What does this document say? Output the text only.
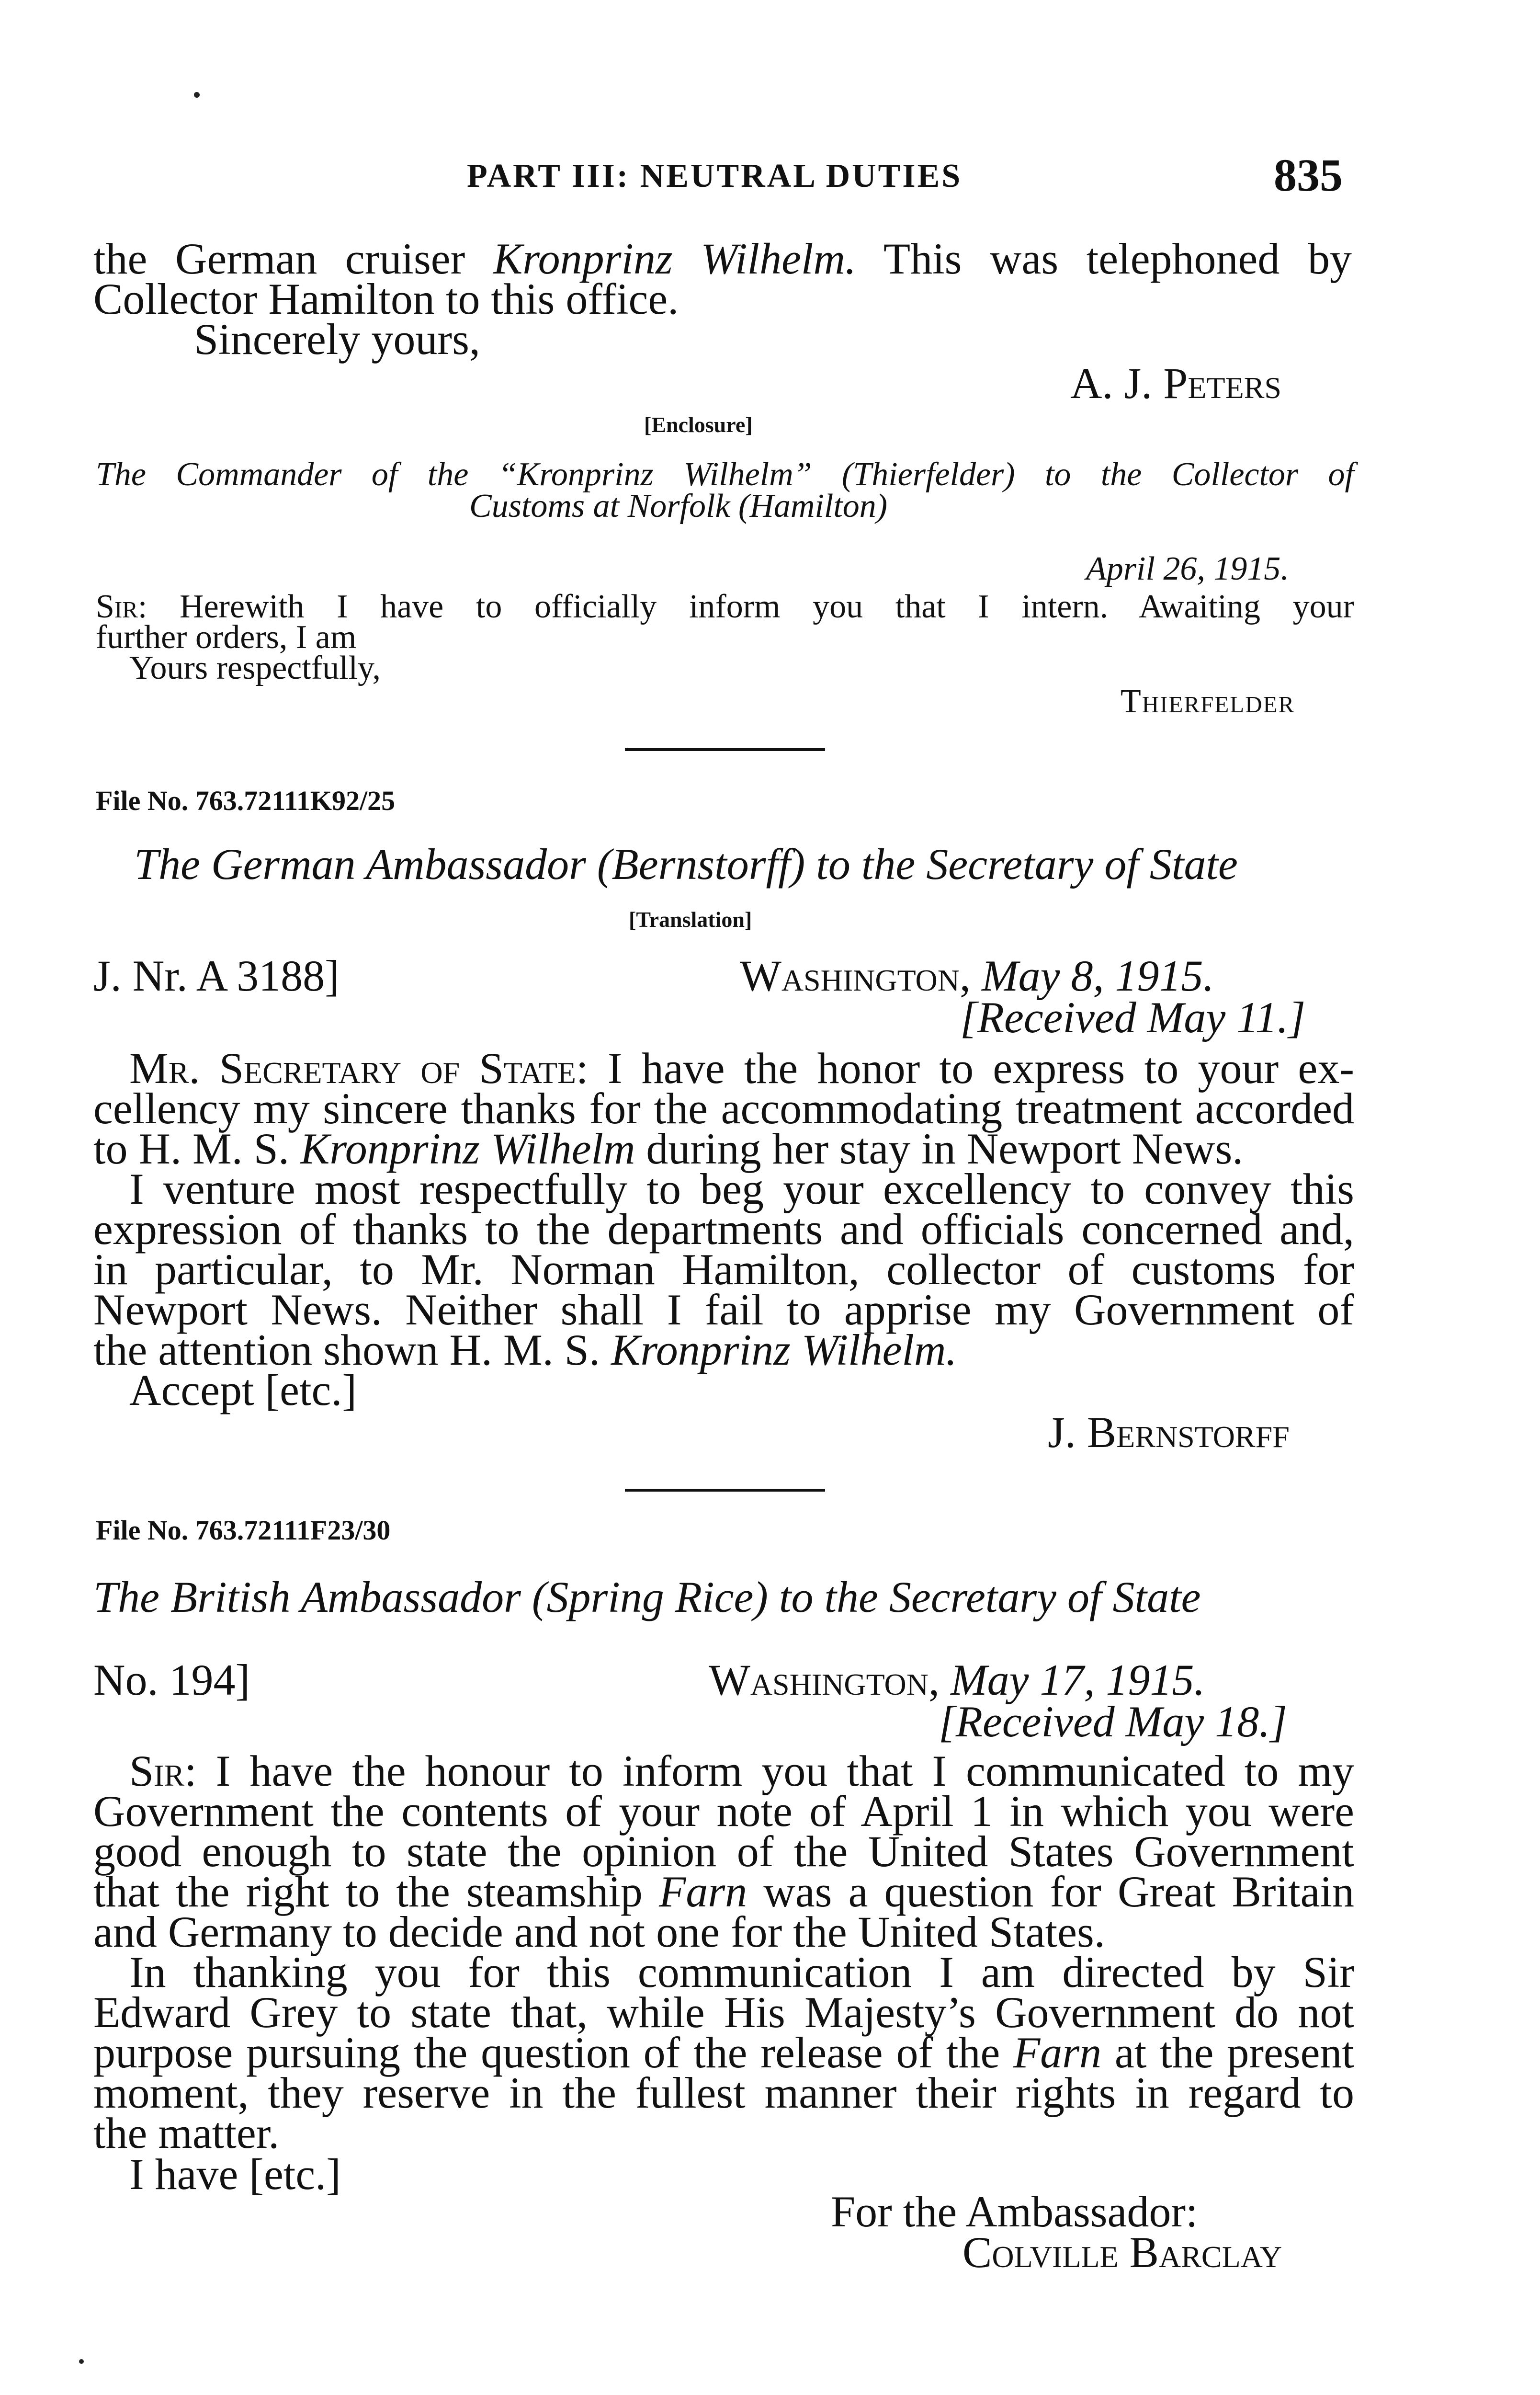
PART III: NEUTRAL DUTIES	835
the German cruiser Kronprinz Wilhelm. This was telephoned by
Collector Hamilton to this office.
Sincerely yours,
A. J. Peters
[Enclosure]
The Commander of the “Kronprinz Wilhelm” (Thierfelder) to the Collector of
Customs at Norfolk (Hamilton)
April 26, 1915.
Sir: Herewith I have to officially inform you that I intern. Awaiting your
further orders, I am
Yours respectfully,
Thierfelder
File No. 763.72111K92/25
The German Ambassador (Bernstorff) to the Secretary of State
[Translation]
J. Nr. A 3188]	Washington, May 8, 1915.
[Received May 11.]
Mr. Secretary of State: I have the honor to express to your ex-
cellency my sincere thanks for the accommodating treatment accorded
to H. M. S. Kronprinz Wilhelm during her stay in Newport News.
I venture most respectfully to beg your excellency to convey this
expression of thanks to the departments and officials concerned and,
in particular, to Mr. Norman Hamilton, collector of customs for
Newport News. Neither shall I fail to apprise my Government of
the attention shown H. M. S. Kronprinz Wilhelm.
Accept [etc.]
J. Bernstorff
File No. 763.72111F23/30
The British Ambassador (Spring Rice) to the Secretary of State
No. 194]	Washington, May 17, 1915.
[Received May 18.]
Sir: I have the honour to inform you that I communicated to my
Government the contents of your note of April 1 in which you were
good enough to state the opinion of the United States Government
that the right to the steamship Farn was a question for Great Britain
and Germany to decide and not one for the United States.
In thanking you for this communication I am directed by Sir
Edward Grey to state that, while His Majesty’s Government do not
purpose pursuing the question of the release of the Farn at the present
moment, they reserve in the fullest manner their rights in regard to
the matter.
I have [etc.]
For the Ambassador:
Colville Barclay
